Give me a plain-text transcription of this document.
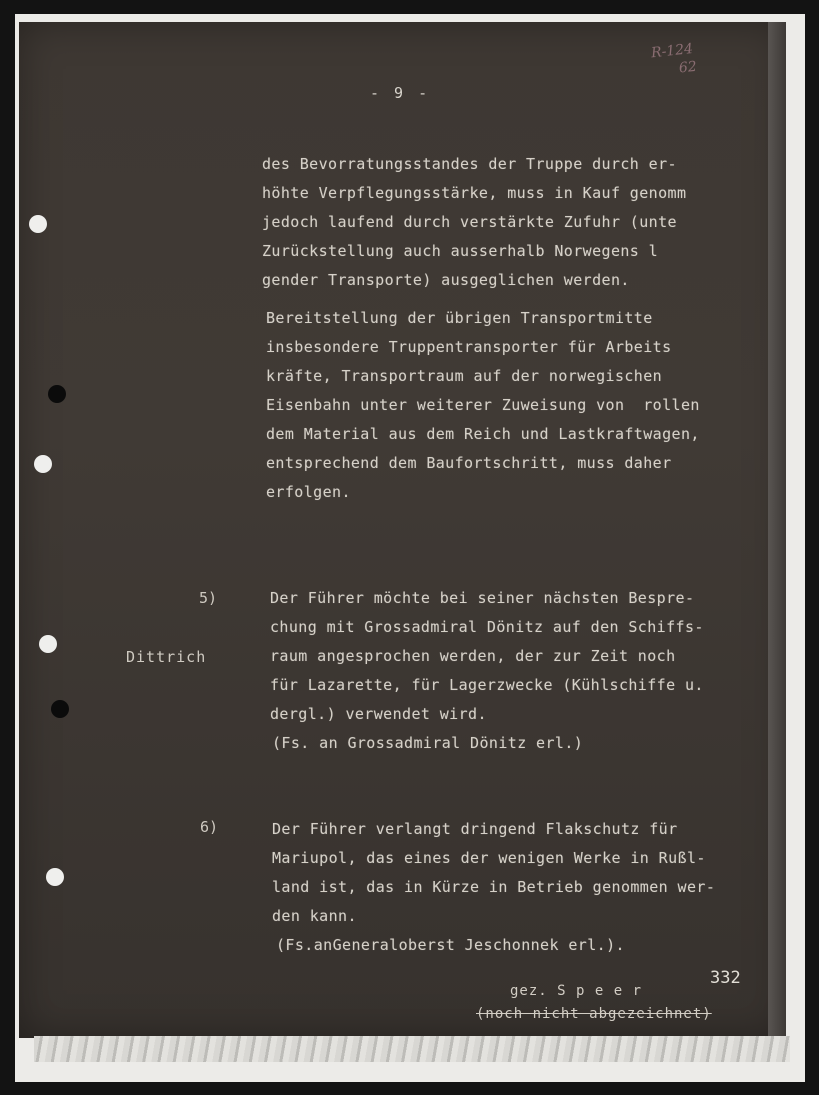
R-124
62
- 9 -
des Bevorratungsstandes der Truppe durch er-
höhte Verpflegungsstärke, muss in Kauf genomm
jedoch laufend durch verstärkte Zufuhr (unte
Zurückstellung auch ausserhalb Norwegens l
gender Transporte) ausgeglichen werden.
Bereitstellung der übrigen Transportmitte
insbesondere Truppentransporter für Arbeits
kräfte, Transportraum auf der norwegischen
Eisenbahn unter weiterer Zuweisung von  rollen
dem Material aus dem Reich und Lastkraftwagen,
entsprechend dem Baufortschritt, muss daher
erfolgen.
5)
Dittrich
Der Führer möchte bei seiner nächsten Bespre-
chung mit Grossadmiral Dönitz auf den Schiffs-
raum angesprochen werden, der zur Zeit noch
für Lazarette, für Lagerzwecke (Kühlschiffe u.
dergl.) verwendet wird.
(Fs. an Grossadmiral Dönitz erl.)
6)	Der Führer verlangt dringend Flakschutz für
Mariupol, das eines der wenigen Werke in Rußl-
land ist, das in Kürze in Betrieb genommen wer-
den kann.
(Fs.anGeneraloberst Jeschonnek erl.).
332
gez. S p e e r
(noch nicht abgezeichnet)
